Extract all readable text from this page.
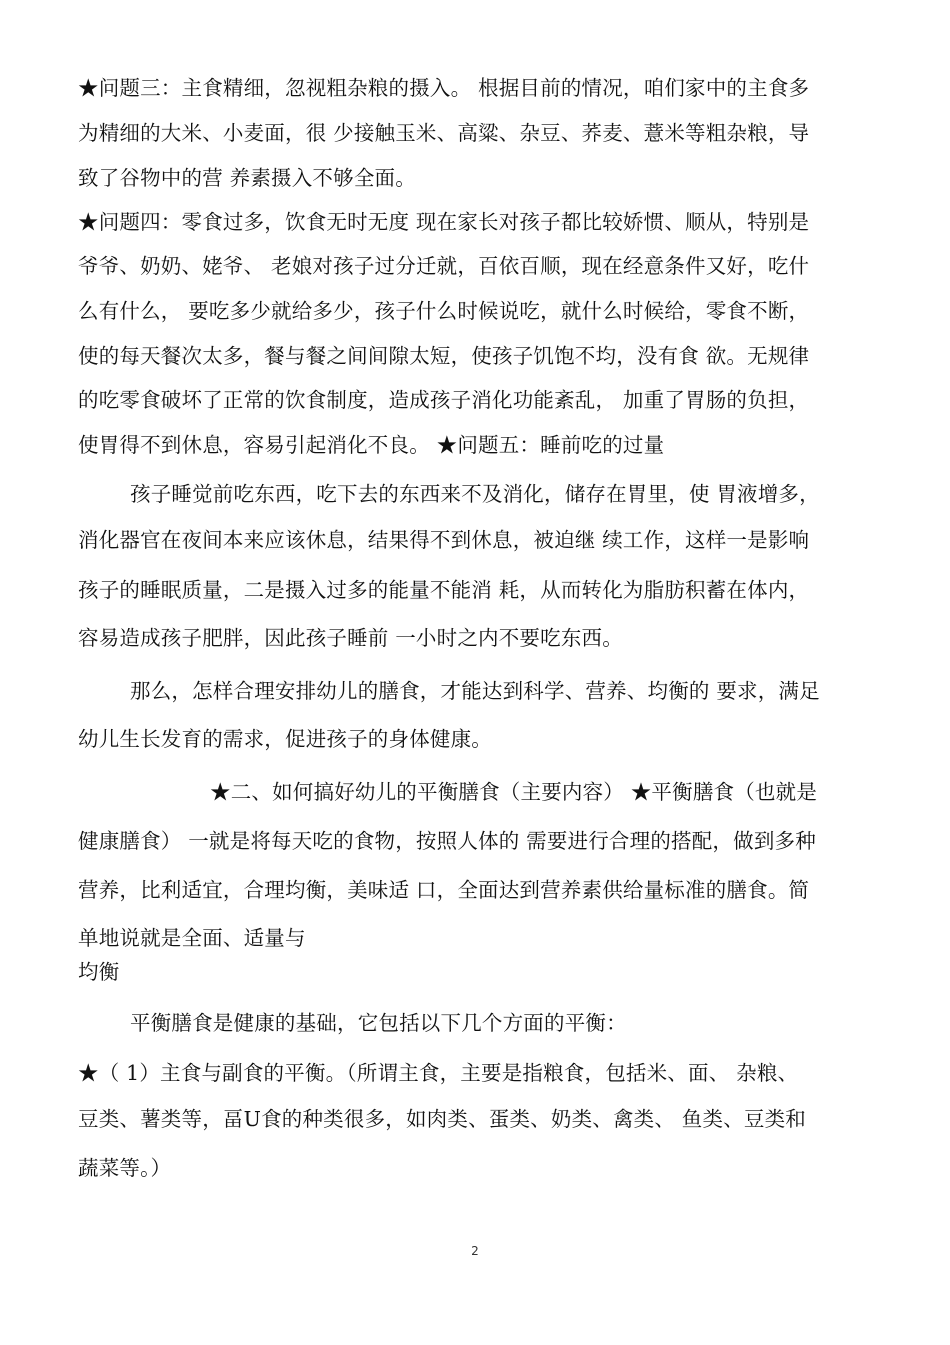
★问题三：主食精细，忽视粗杂粮的摄入。 根据目前的情况，咱们家中的主食多
为精细的大米、小麦面，很 少接触玉米、高粱、杂豆、荞麦、薏米等粗杂粮，导
致了谷物中的营 养素摄入不够全面。
★问题四：零食过多，饮食无时无度 现在家长对孩子都比较娇惯、顺从，特别是
爷爷、奶奶、姥爷、 老娘对孩子过分迁就，百依百顺，现在经意条件又好，吃什
么有什么， 要吃多少就给多少，孩子什么时候说吃，就什么时候给，零食不断，
使的每天餐次太多，餐与餐之间间隙太短，使孩子饥饱不均，没有食 欲。无规律
的吃零食破坏了正常的饮食制度，造成孩子消化功能紊乱， 加重了胃肠的负担，
使胃得不到休息，容易引起消化不良。 ★问题五：睡前吃的过量
孩子睡觉前吃东西，吃下去的东西来不及消化，储存在胃里，使 胃液增多，
消化器官在夜间本来应该休息，结果得不到休息，被迫继 续工作，这样一是影响
孩子的睡眠质量，二是摄入过多的能量不能消 耗，从而转化为脂肪积蓄在体内，
容易造成孩子肥胖，因此孩子睡前 一小时之内不要吃东西。
那么，怎样合理安排幼儿的膳食，才能达到科学、营养、均衡的 要求，满足
幼儿生长发育的需求，促进孩子的身体健康。
★二、如何搞好幼儿的平衡膳食（主要内容） ★平衡膳食（也就是
健康膳食） 一就是将每天吃的食物，按照人体的 需要进行合理的搭配，做到多种
营养，比利适宜，合理均衡，美味适 口，全面达到营养素供给量标准的膳食。简
单地说就是全面、适量与
均衡
平衡膳食是健康的基础，它包括以下几个方面的平衡：
★（ 1）主食与副食的平衡。（所谓主食，主要是指粮食，包括米、面、 杂粮、
豆类、薯类等，畐U食的种类很多，如肉类、蛋类、奶类、禽类、 鱼类、豆类和
蔬菜等。）
2
